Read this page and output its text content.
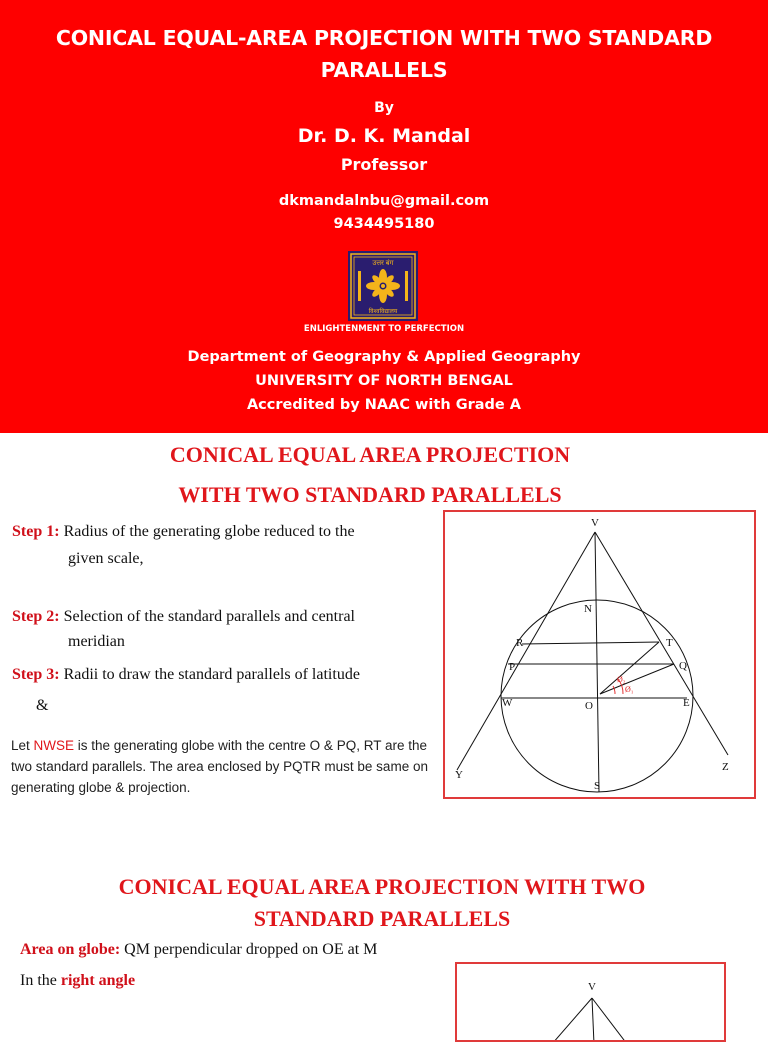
CONICAL EQUAL-AREA PROJECTION WITH TWO STANDARD PARALLELS
By
Dr. D. K. Mandal
Professor
dkmandalnbu@gmail.com
9434495180
उत्तर बंग
विश्वविद्यालय
ENLIGHTENMENT TO PERFECTION
Department of Geography & Applied Geography
UNIVERSITY OF NORTH BENGAL
Accredited by NAAC with Grade A
CONICAL EQUAL AREA PROJECTION
WITH TWO STANDARD PARALLELS
Step 1: Radius of the generating globe reduced to the
given scale,
Step 2: Selection of the standard parallels and central
meridian
Step 3: Radii to draw the standard parallels of latitude
&
Let NWSE is the generating globe with the centre O & PQ, RT are the two standard parallels. The area enclosed by PQTR must be same on generating globe & projection.
V
N
R	T
P	Q
W	O	E
Y
Z
S
Ø₂
Ø₁
CONICAL EQUAL AREA PROJECTION WITH TWO
STANDARD PARALLELS
Area on globe: QM perpendicular dropped on OE at M
In the right angle	V
